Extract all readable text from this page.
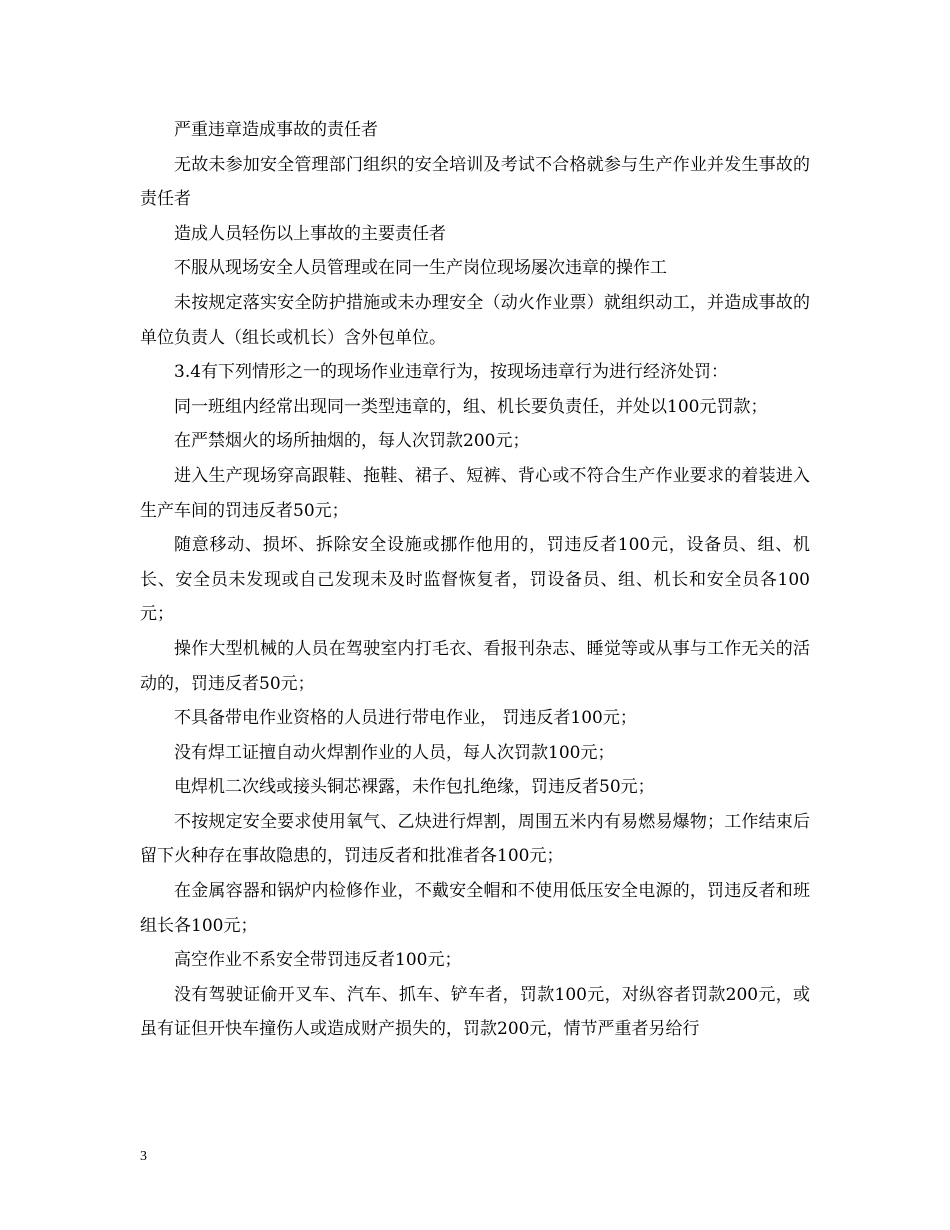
严重违章造成事故的责任者

无故未参加安全管理部门组织的安全培训及考试不合格就参与生产作业并发生事故的责任者

造成人员轻伤以上事故的主要责任者

不服从现场安全人员管理或在同一生产岗位现场屡次违章的操作工

未按规定落实安全防护措施或未办理安全（动火作业票）就组织动工，并造成事故的单位负责人（组长或机长）含外包单位。

3.4有下列情形之一的现场作业违章行为，按现场违章行为进行经济处罚：

同一班组内经常出现同一类型违章的，组、机长要负责任，并处以100元罚款；

在严禁烟火的场所抽烟的，每人次罚款200元；

进入生产现场穿高跟鞋、拖鞋、裙子、短裤、背心或不符合生产作业要求的着装进入生产车间的罚违反者50元；

随意移动、损坏、拆除安全设施或挪作他用的，罚违反者100元，设备员、组、机长、安全员未发现或自己发现未及时监督恢复者，罚设备员、组、机长和安全员各100元；

操作大型机械的人员在驾驶室内打毛衣、看报刊杂志、睡觉等或从事与工作无关的活动的，罚违反者50元；

不具备带电作业资格的人员进行带电作业， 罚违反者100元；

没有焊工证擅自动火焊割作业的人员，每人次罚款100元；

电焊机二次线或接头铜芯裸露，未作包扎绝缘，罚违反者50元；

不按规定安全要求使用氧气、乙炔进行焊割，周围五米内有易燃易爆物；工作结束后留下火种存在事故隐患的，罚违反者和批准者各100元；

在金属容器和锅炉内检修作业，不戴安全帽和不使用低压安全电源的，罚违反者和班组长各100元；

高空作业不系安全带罚违反者100元；

没有驾驶证偷开叉车、汽车、抓车、铲车者，罚款100元，对纵容者罚款200元，或虽有证但开快车撞伤人或造成财产损失的，罚款200元，情节严重者另给行

3
